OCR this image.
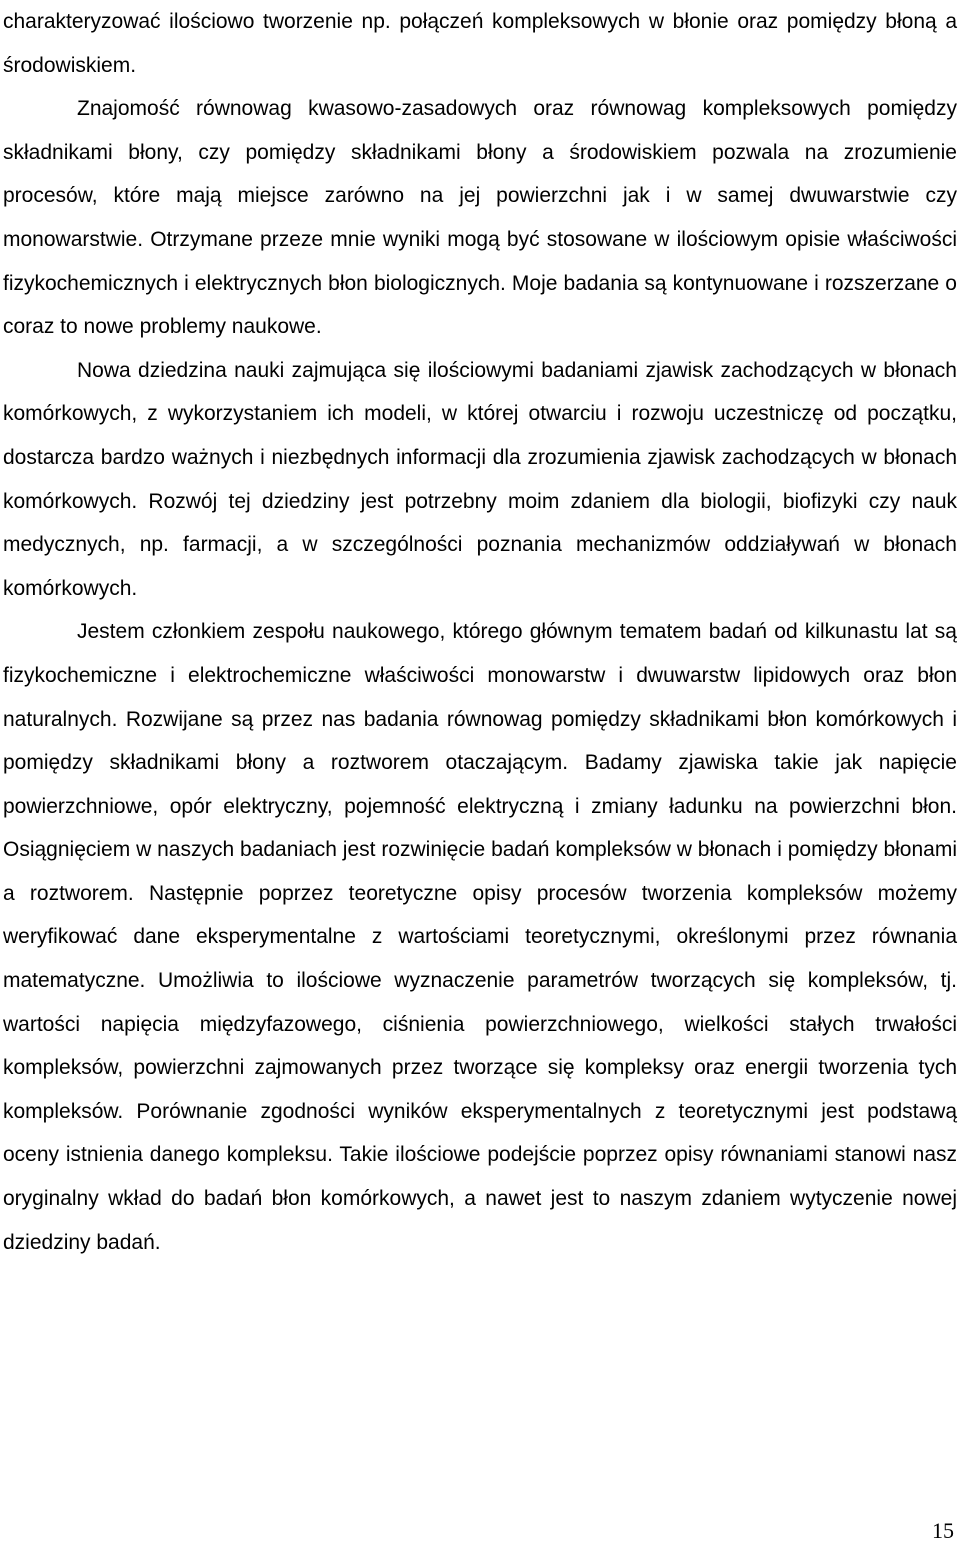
charakteryzować ilościowo tworzenie np. połączeń kompleksowych w błonie oraz pomiędzy błoną a środowiskiem.

Znajomość równowag kwasowo-zasadowych oraz równowag kompleksowych pomiędzy składnikami błony, czy pomiędzy składnikami błony a środowiskiem pozwala na zrozumienie procesów, które mają miejsce zarówno na jej powierzchni jak i w samej dwuwarstwie czy monowarstwie. Otrzymane przeze mnie wyniki mogą być stosowane w ilościowym opisie właściwości fizykochemicznych i elektrycznych błon biologicznych. Moje badania są kontynuowane i rozszerzane o coraz to nowe problemy naukowe.

Nowa dziedzina nauki zajmująca się ilościowymi badaniami zjawisk zachodzących w błonach komórkowych, z wykorzystaniem ich modeli, w której otwarciu i rozwoju uczestniczę od początku, dostarcza bardzo ważnych i niezbędnych informacji dla zrozumienia zjawisk zachodzących w błonach komórkowych. Rozwój tej dziedziny jest potrzebny moim zdaniem dla biologii, biofizyki czy nauk medycznych, np. farmacji, a w szczególności poznania mechanizmów oddziaływań w błonach komórkowych.

Jestem członkiem zespołu naukowego, którego głównym tematem badań od kilkunastu lat są fizykochemiczne i elektrochemiczne właściwości monowarstw i dwuwarstw lipidowych oraz błon naturalnych. Rozwijane są przez nas badania równowag pomiędzy składnikami błon komórkowych i pomiędzy składnikami błony a roztworem otaczającym. Badamy zjawiska takie jak napięcie powierzchniowe, opór elektryczny, pojemność elektryczną i zmiany ładunku na powierzchni błon. Osiągnięciem w naszych badaniach jest rozwinięcie badań kompleksów w błonach i pomiędzy błonami a roztworem. Następnie poprzez teoretyczne opisy procesów tworzenia kompleksów możemy weryfikować dane eksperymentalne z wartościami teoretycznymi, określonymi przez równania matematyczne. Umożliwia to ilościowe wyznaczenie parametrów tworzących się kompleksów, tj. wartości napięcia międzyfazowego, ciśnienia powierzchniowego, wielkości stałych trwałości kompleksów, powierzchni zajmowanych przez tworzące się kompleksy oraz energii tworzenia tych kompleksów. Porównanie zgodności wyników eksperymentalnych z teoretycznymi jest podstawą oceny istnienia danego kompleksu. Takie ilościowe podejście poprzez opisy równaniami stanowi nasz oryginalny wkład do badań błon komórkowych, a nawet jest to naszym zdaniem wytyczenie nowej dziedziny badań.

15
